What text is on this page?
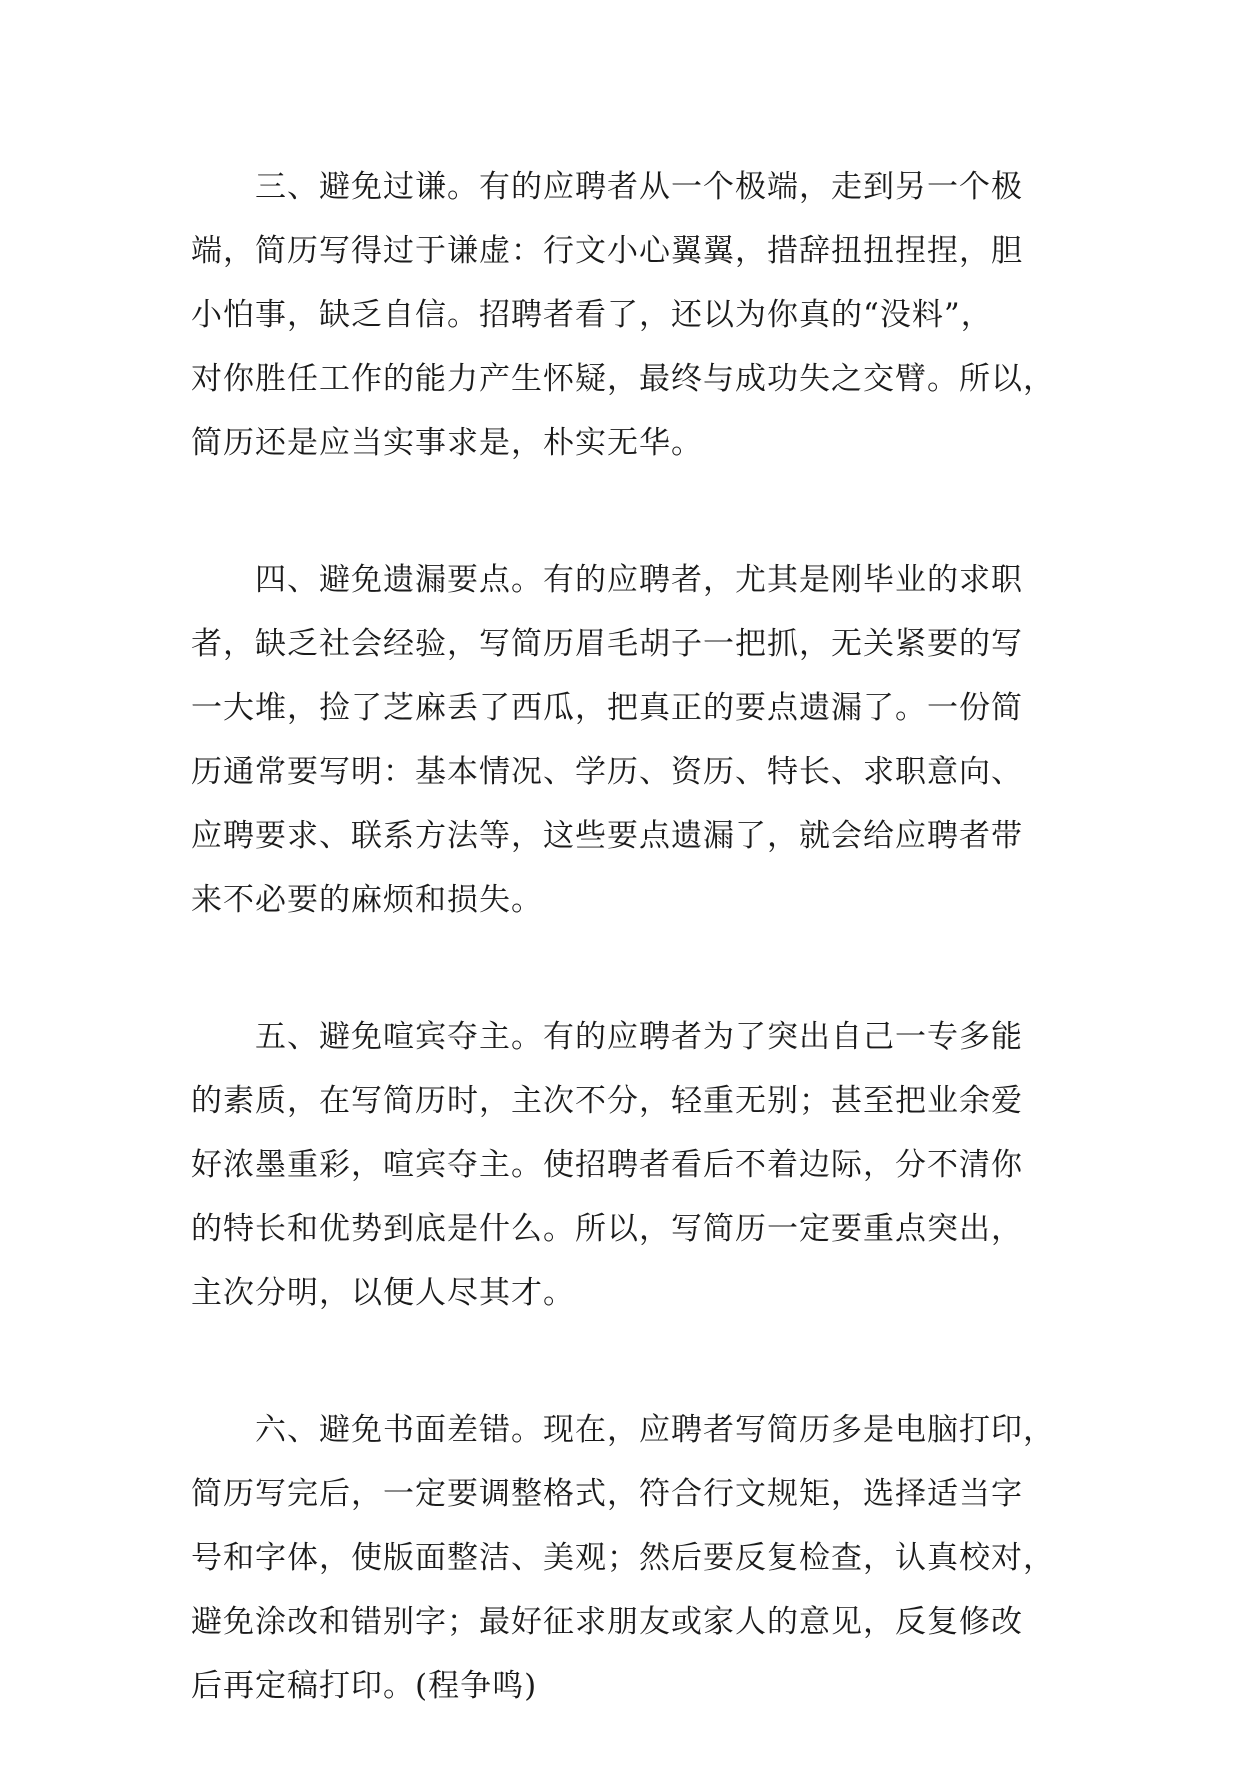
三、避免过谦。有的应聘者从一个极端，走到另一个极
端，简历写得过于谦虚：行文小心翼翼，措辞扭扭捏捏，胆
小怕事，缺乏自信。招聘者看了，还以为你真的“没料”，
对你胜任工作的能力产生怀疑，最终与成功失之交臂。所以，
简历还是应当实事求是，朴实无华。
四、避免遗漏要点。有的应聘者，尤其是刚毕业的求职
者，缺乏社会经验，写简历眉毛胡子一把抓，无关紧要的写
一大堆，捡了芝麻丢了西瓜，把真正的要点遗漏了。一份简
历通常要写明：基本情况、学历、资历、特长、求职意向、
应聘要求、联系方法等，这些要点遗漏了，就会给应聘者带
来不必要的麻烦和损失。
五、避免喧宾夺主。有的应聘者为了突出自己一专多能
的素质，在写简历时，主次不分，轻重无别；甚至把业余爱
好浓墨重彩，喧宾夺主。使招聘者看后不着边际，分不清你
的特长和优势到底是什么。所以，写简历一定要重点突出，
主次分明，以便人尽其才。
六、避免书面差错。现在，应聘者写简历多是电脑打印，
简历写完后，一定要调整格式，符合行文规矩，选择适当字
号和字体，使版面整洁、美观；然后要反复检查，认真校对，
避免涂改和错别字；最好征求朋友或家人的意见，反复修改
后再定稿打印。(程争鸣)
